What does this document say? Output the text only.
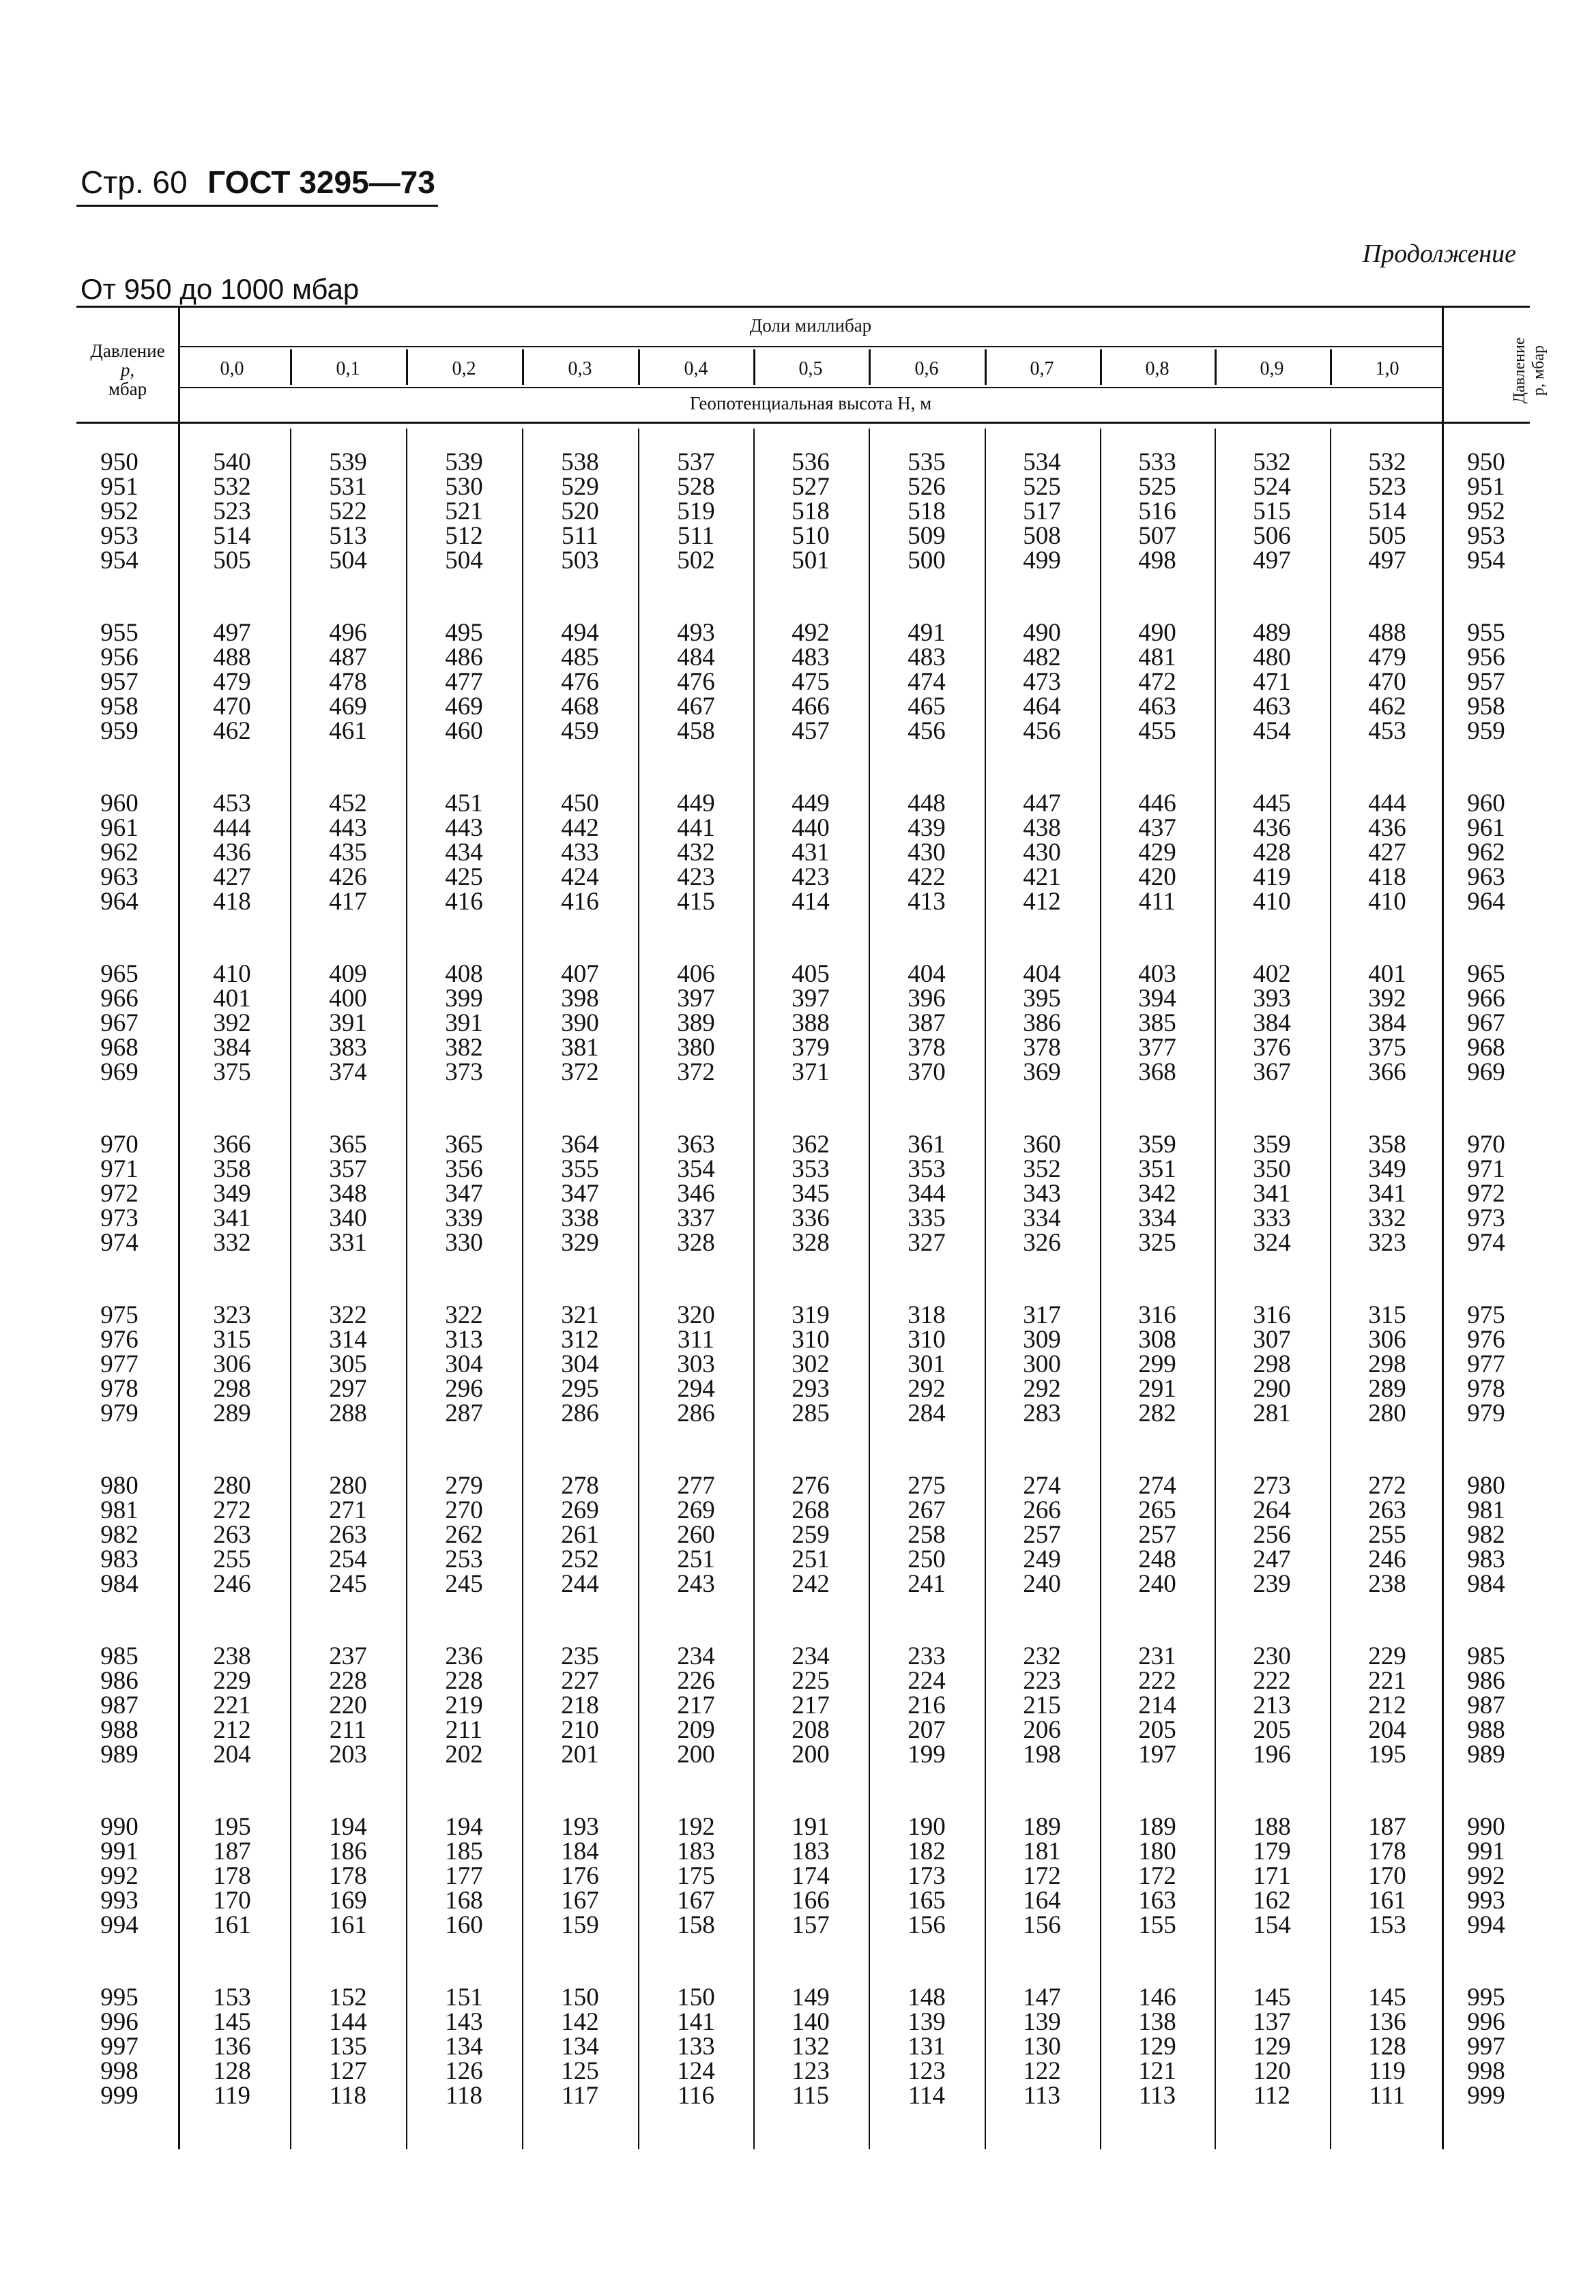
Стр. 60 ГОСТ 3295—73
Продолжение
От 950 до 1000 мбар
Давление
p,
мбар
Доли миллибар
Геопотенциальная высота H, м	Давление
p, мбар
0,0	0,1	0,2	0,3	0,4	0,5	0,6	0,7	0,8	0,9	1,0
950	540	539	539	538	537	536	535	534	533	532	532	950
951	532	531	530	529	528	527	526	525	525	524	523	951
952	523	522	521	520	519	518	518	517	516	515	514	952
953	514	513	512	511	511	510	509	508	507	506	505	953
954	505	504	504	503	502	501	500	499	498	497	497	954
955	497	496	495	494	493	492	491	490	490	489	488	955
956	488	487	486	485	484	483	483	482	481	480	479	956
957	479	478	477	476	476	475	474	473	472	471	470	957
958	470	469	469	468	467	466	465	464	463	463	462	958
959	462	461	460	459	458	457	456	456	455	454	453	959
960	453	452	451	450	449	449	448	447	446	445	444	960
961	444	443	443	442	441	440	439	438	437	436	436	961
962	436	435	434	433	432	431	430	430	429	428	427	962
963	427	426	425	424	423	423	422	421	420	419	418	963
964	418	417	416	416	415	414	413	412	411	410	410	964
965	410	409	408	407	406	405	404	404	403	402	401	965
966	401	400	399	398	397	397	396	395	394	393	392	966
967	392	391	391	390	389	388	387	386	385	384	384	967
968	384	383	382	381	380	379	378	378	377	376	375	968
969	375	374	373	372	372	371	370	369	368	367	366	969
970	366	365	365	364	363	362	361	360	359	359	358	970
971	358	357	356	355	354	353	353	352	351	350	349	971
972	349	348	347	347	346	345	344	343	342	341	341	972
973	341	340	339	338	337	336	335	334	334	333	332	973
974	332	331	330	329	328	328	327	326	325	324	323	974
975	323	322	322	321	320	319	318	317	316	316	315	975
976	315	314	313	312	311	310	310	309	308	307	306	976
977	306	305	304	304	303	302	301	300	299	298	298	977
978	298	297	296	295	294	293	292	292	291	290	289	978
979	289	288	287	286	286	285	284	283	282	281	280	979
980	280	280	279	278	277	276	275	274	274	273	272	980
981	272	271	270	269	269	268	267	266	265	264	263	981
982	263	263	262	261	260	259	258	257	257	256	255	982
983	255	254	253	252	251	251	250	249	248	247	246	983
984	246	245	245	244	243	242	241	240	240	239	238	984
985	238	237	236	235	234	234	233	232	231	230	229	985
986	229	228	228	227	226	225	224	223	222	222	221	986
987	221	220	219	218	217	217	216	215	214	213	212	987
988	212	211	211	210	209	208	207	206	205	205	204	988
989	204	203	202	201	200	200	199	198	197	196	195	989
990	195	194	194	193	192	191	190	189	189	188	187	990
991	187	186	185	184	183	183	182	181	180	179	178	991
992	178	178	177	176	175	174	173	172	172	171	170	992
993	170	169	168	167	167	166	165	164	163	162	161	993
994	161	161	160	159	158	157	156	156	155	154	153	994
995	153	152	151	150	150	149	148	147	146	145	145	995
996	145	144	143	142	141	140	139	139	138	137	136	996
997	136	135	134	134	133	132	131	130	129	129	128	997
998	128	127	126	125	124	123	123	122	121	120	119	998
999	119	118	118	117	116	115	114	113	113	112	111	999
